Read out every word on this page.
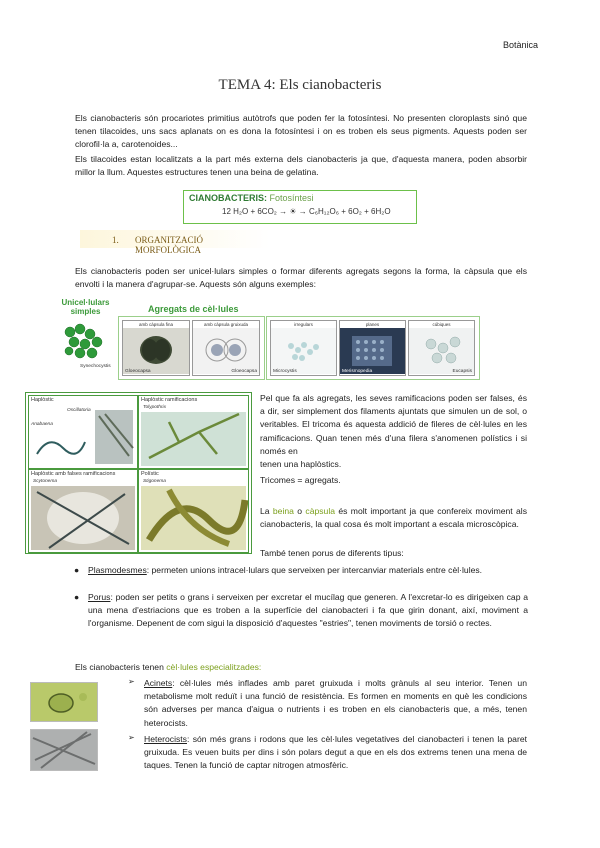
Botànica
TEMA 4: Els cianobacteris

Els cianobacteris són procariotes primitius autòtrofs que poden fer la fotosíntesi. No presenten cloroplasts sinó que tenen tilacoides, uns sacs aplanats on es dona la fotosíntesi i on es troben els seus pigments. Aquests poden ser clorofil·la a, carotenoides...

Els tilacoides estan localitzats a la part més externa dels cianobacteris ja que, d'aquesta manera, poden absorbir millor la llum. Aquestes estructures tenen una beina de gelatina.

CIANOBACTERIS: Fotosíntesi
12 H₂O + 6CO₂ → ☀ → C₆H₁₂O₆ + 6O₂ + 6H₂O
1. ORGANITZACIÓ MORFOLÒGICA

Els cianobacteris poden ser unicel·lulars simples o formar diferents agregats segons la forma, la càpsula que els envolti i la manera d'agrupar-se. Aquests són alguns exemples:

Unicel·lulars simples	Agregats de cèl·lules
Synechocystis
amb càpsula fina
Gloeocapsa
amb càpsula gruixuda
Gloeocapsa
irregulars
Microcystis
planes
Merismopedia
cúbiques
Eucapsis
Haplòstic
Oscillatoria
Anabaena
Haplòstic ramificacions
Tolypothrix
Haplòstic amb falses ramificacions
Scytonema
Polístic
Stigonema

Pel que fa als agregats, les seves ramificacions poden ser falses, és a dir, ser simplement dos filaments ajuntats que simulen un de sol, o veritables. El tricoma és aquesta addició de fileres de cèl·lules en les ramificacions. Quan tenen més d'una filera s'anomenen polístics i si només en

tenen una haplòstics.

Tricomes = agregats.

La beina o càpsula és molt important ja que confereix moviment als cianobacteris, la qual cosa és molt important a escala microscòpica.

També tenen porus de diferents tipus:

● Plasmodesmes: permeten unions intracel·lulars que serveixen per intercanviar materials entre cèl·lules.
● Porus: poden ser petits o grans i serveixen per excretar el mucílag que generen. A l'excretar-lo es dirigeixen cap a una mena d'estriacions que es troben a la superfície del cianobacteri i fa que girin donant, així, moviment a l'organisme. Depenent de com sigui la disposició d'aquestes "estries", tenen moviments de torsió o rectes.

Els cianobacteris tenen cèl·lules especialitzades:

➢ Acinets: cèl·lules més inflades amb paret gruixuda i molts grànuls al seu interior. Tenen un metabolisme molt reduït i una funció de resistència. Es formen en moments en què les condicions són adverses per manca d'aigua o nutrients i es troben en els cianobacteris que, a més, tenen heterocists.
➢ Heterocists: són més grans i rodons que les cèl·lules vegetatives del cianobacteri i tenen la paret gruixuda. Es veuen buits per dins i són polars degut a que en els dos extrems tenen una mena de taques. Tenen la funció de captar nitrogen atmosfèric.
